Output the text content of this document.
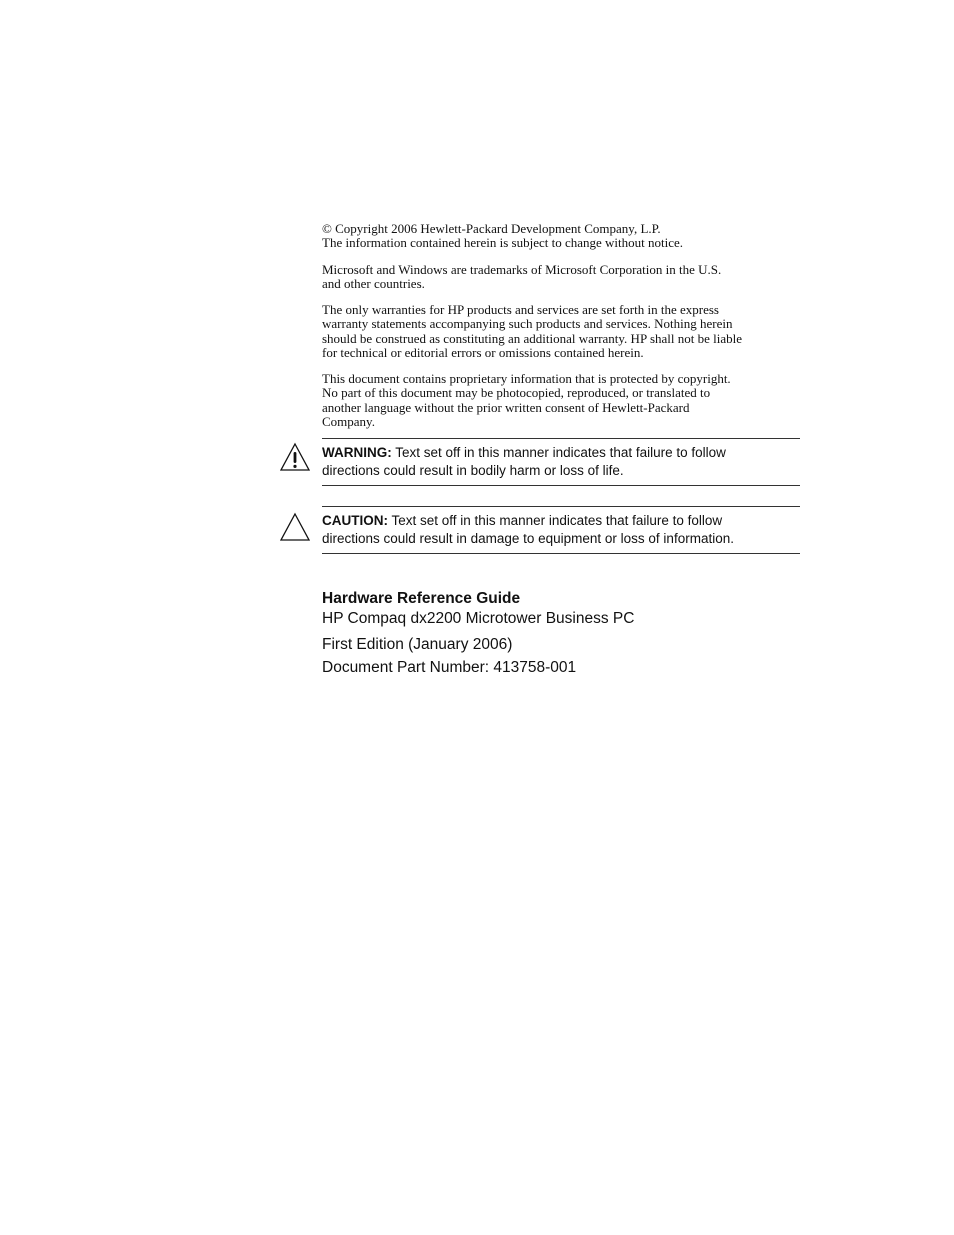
© Copyright 2006 Hewlett-Packard Development Company, L.P.
The information contained herein is subject to change without notice.
Microsoft and Windows are trademarks of Microsoft Corporation in the U.S.
and other countries.
The only warranties for HP products and services are set forth in the express
warranty statements accompanying such products and services. Nothing herein
should be construed as constituting an additional warranty. HP shall not be liable
for technical or editorial errors or omissions contained herein.
This document contains proprietary information that is protected by copyright.
No part of this document may be photocopied, reproduced, or translated to
another language without the prior written consent of Hewlett-Packard
Company.
WARNING: Text set off in this manner indicates that failure to follow
directions could result in bodily harm or loss of life.
CAUTION: Text set off in this manner indicates that failure to follow
directions could result in damage to equipment or loss of information.
Hardware Reference Guide
HP Compaq dx2200 Microtower Business PC
First Edition (January 2006)
Document Part Number: 413758-001
